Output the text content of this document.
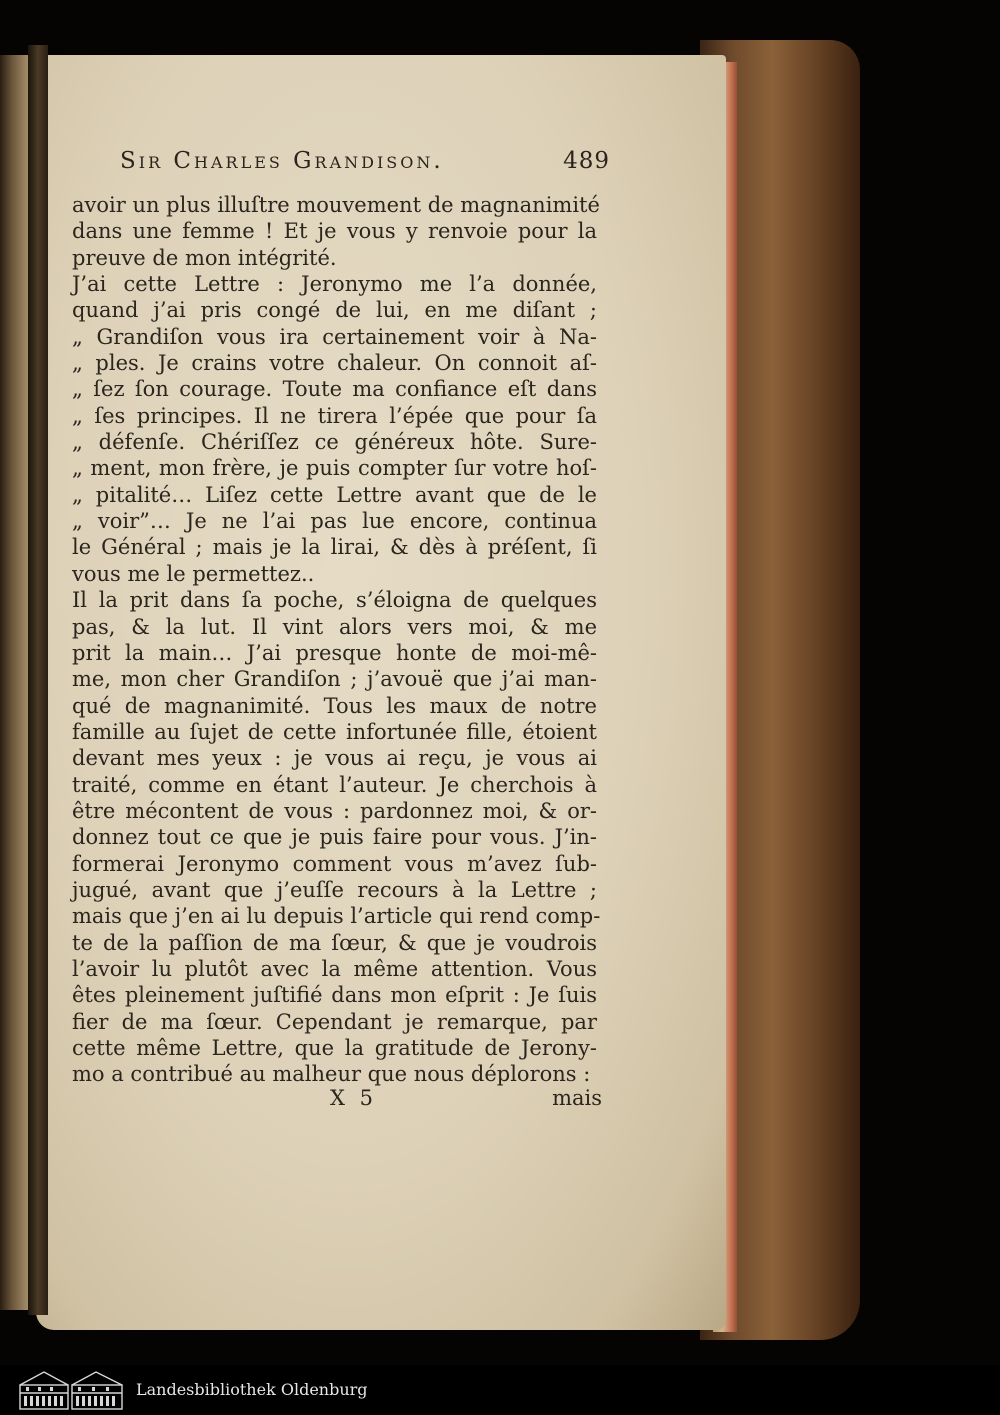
Sir Charles Grandison.	489
avoir un plus illuſtre mouvement de magnanimité
dans une femme ! Et je vous y renvoie pour la
preuve de mon intégrité.
J’ai cette Lettre : Jeronymo me l’a donnée,
quand j’ai pris congé de lui, en me diſant ;
„ Grandiſon vous ira certainement voir à Na-
„ ples. Je crains votre chaleur. On connoit aſ-
„ ſez ſon courage. Toute ma confiance eſt dans
„ ſes principes. Il ne tirera l’épée que pour ſa
„ défenſe. Chériſſez ce généreux hôte. Sure-
„ ment, mon frère, je puis compter ſur votre hoſ-
„ pitalité… Liſez cette Lettre avant que de le
„ voir”… Je ne l’ai pas lue encore, continua
le Général ; mais je la lirai, & dès à préſent, ſi
vous me le permettez..
Il la prit dans ſa poche, s’éloigna de quelques
pas, & la lut. Il vint alors vers moi, & me
prit la main… J’ai presque honte de moi-mê-
me, mon cher Grandiſon ; j’avouë que j’ai man-
qué de magnanimité. Tous les maux de notre
famille au ſujet de cette infortunée fille, étoient
devant mes yeux : je vous ai reçu, je vous ai
traité, comme en étant l’auteur. Je cherchois à
être mécontent de vous : pardonnez moi, & or-
donnez tout ce que je puis faire pour vous. J’in-
formerai Jeronymo comment vous m’avez ſub-
jugué, avant que j’euſſe recours à la Lettre ;
mais que j’en ai lu depuis l’article qui rend comp-
te de la paſſion de ma ſœur, & que je voudrois
l’avoir lu plutôt avec la même attention. Vous
êtes pleinement juſtifié dans mon eſprit : Je ſuis
fier de ma ſœur. Cependant je remarque, par
cette même Lettre, que la gratitude de Jerony-
mo a contribué au malheur que nous déplorons :
X 5	mais
Landesbibliothek Oldenburg
